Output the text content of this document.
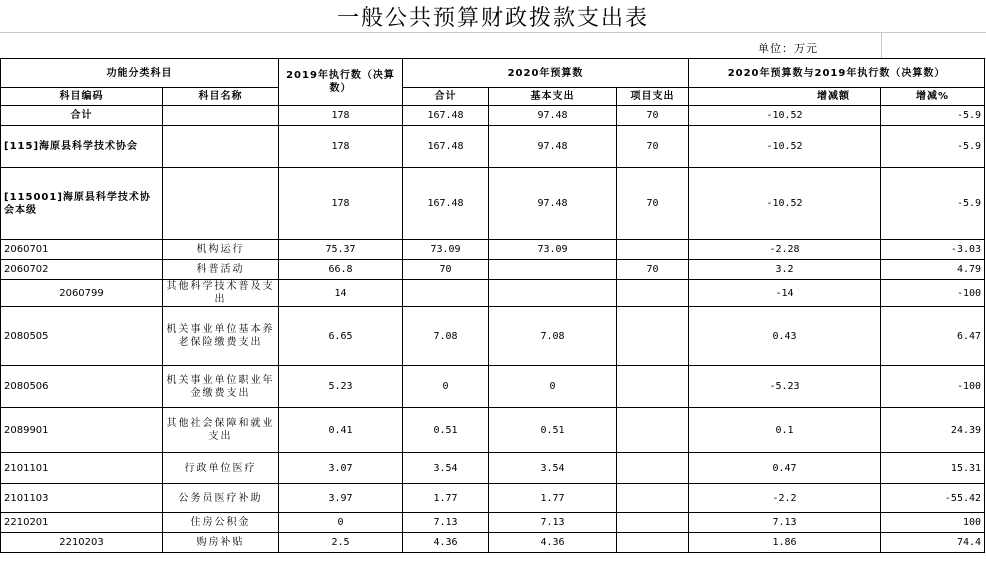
一般公共预算财政拨款支出表
单位：万元
功能分类科目		2019年执行数（决算数）	2020年预算数			2020年预算数与2019年执行数（决算数）	
科目编码	科目名称		合计	基本支出	项目支出	增减额	增减%
合计		178	167.48	97.48	70	-10.52	-5.9
[115]海原县科学技术协会		178	167.48	97.48	70	-10.52	-5.9
[115001]海原县科学技术协会本级		178	167.48	97.48	70	-10.52	-5.9
2060701	机构运行	75.37	73.09	73.09		-2.28	-3.03
2060702	科普活动	66.8	70		70	3.2	4.79
2060799	其他科学技术普及支出	14				-14	-100
2080505	机关事业单位基本养老保险缴费支出	6.65	7.08	7.08		0.43	6.47
2080506	机关事业单位职业年金缴费支出	5.23	0	0		-5.23	-100
2089901	其他社会保障和就业支出	0.41	0.51	0.51		0.1	24.39
2101101	行政单位医疗	3.07	3.54	3.54		0.47	15.31
2101103	公务员医疗补助	3.97	1.77	1.77		-2.2	-55.42
2210201	住房公积金	0	7.13	7.13		7.13	100
2210203	购房补贴	2.5	4.36	4.36		1.86	74.4
